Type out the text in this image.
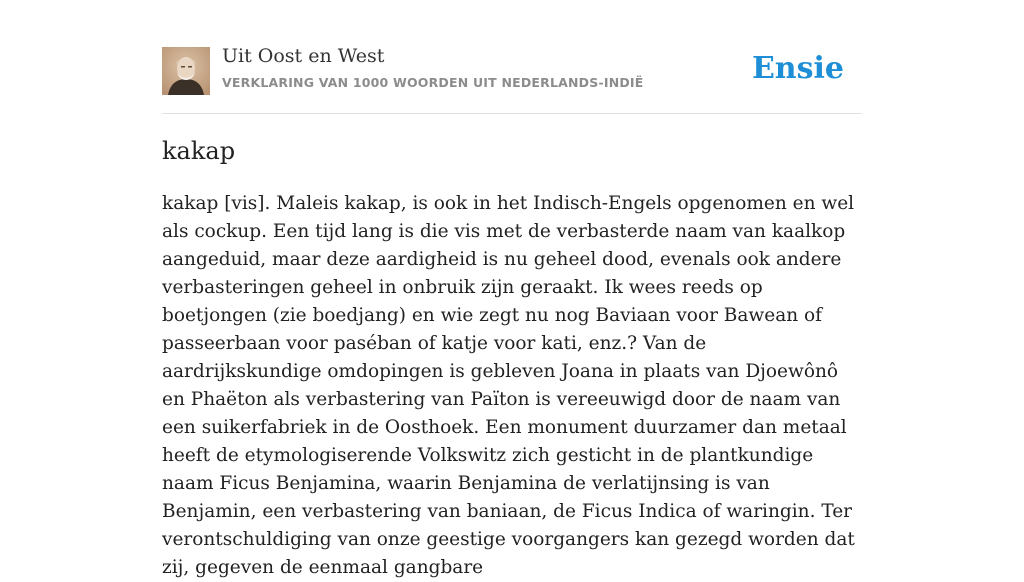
Uit Oost en West
VERKLARING VAN 1000 WOORDEN UIT NEDERLANDS-INDIË	Ensie
kakap

kakap [vis]. Maleis kakap, is ook in het Indisch-Engels opgenomen en wel als cockup. Een tijd lang is die vis met de verbasterde naam van kaalkop aangeduid, maar deze aardigheid is nu geheel dood, evenals ook andere verbasteringen geheel in onbruik zijn geraakt. Ik wees reeds op boetjongen (zie boedjang) en wie zegt nu nog Baviaan voor Bawean of passeerbaan voor paséban of katje voor kati, enz.? Van de aardrijkskundige omdopingen is gebleven Joana in plaats van Djoewônô en Phaëton als verbastering van Païton is vereeuwigd door de naam van een suikerfabriek in de Oosthoek. Een monument duurzamer dan metaal heeft de etymologiserende Volkswitz zich gesticht in de plantkundige naam Ficus Benjamina, waarin Benjamina de verlatijnsing is van Benjamin, een verbastering van baniaan, de Ficus Indica of waringin. Ter verontschuldiging van onze geestige voorgangers kan gezegd worden dat zij, gegeven de eenmaal gangbare
